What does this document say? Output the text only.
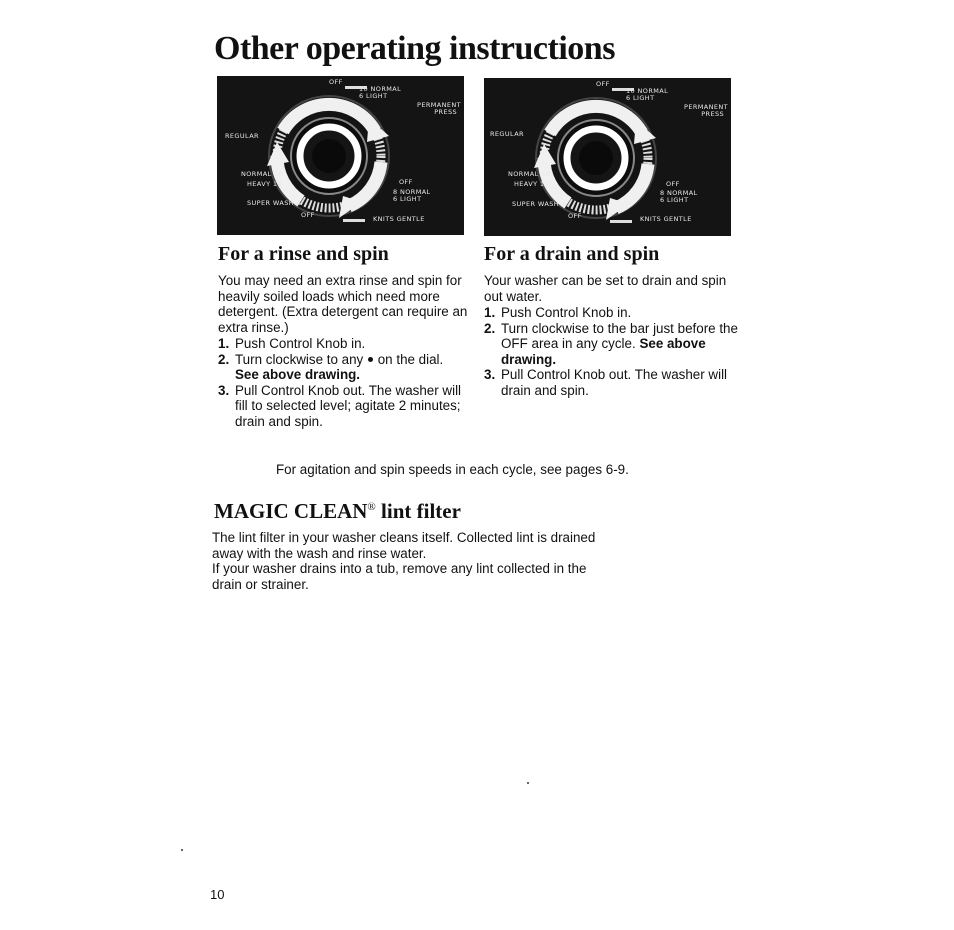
Other operating instructions
OFF
10 NORMAL
6 LIGHT
PERMANENT
PRESS
REGULAR
NORMAL 10
HEAVY 14
SUPER WASH 4
OFF
8 NORMAL
6 LIGHT
OFF	KNITS GENTLE
OFF
10 NORMAL
6 LIGHT
PERMANENT
PRESS
REGULAR
NORMAL 10
HEAVY 14
SUPER WASH 4
OFF
8 NORMAL
6 LIGHT
OFF	KNITS GENTLE
For a rinse and spin

You may need an extra rinse and spin for heavily soiled loads which need more detergent. (Extra detergent can require an extra rinse.)

1. Push Control Knob in.
2. Turn clockwise to any on the dial.
See above drawing.
3. Pull Control Knob out. The washer will fill to selected level; agitate 2 minutes; drain and spin.
For a drain and spin

Your washer can be set to drain and spin out water.

1. Push Control Knob in.
2. Turn clockwise to the bar just before the OFF area in any cycle. See above drawing.
3. Pull Control Knob out. The washer will drain and spin.

For agitation and spin speeds in each cycle, see pages 6-9.

MAGIC CLEAN® lint filter

The lint filter in your washer cleans itself. Collected lint is drained away with the wash and rinse water.

If your washer drains into a tub, remove any lint collected in the drain or strainer.

10
